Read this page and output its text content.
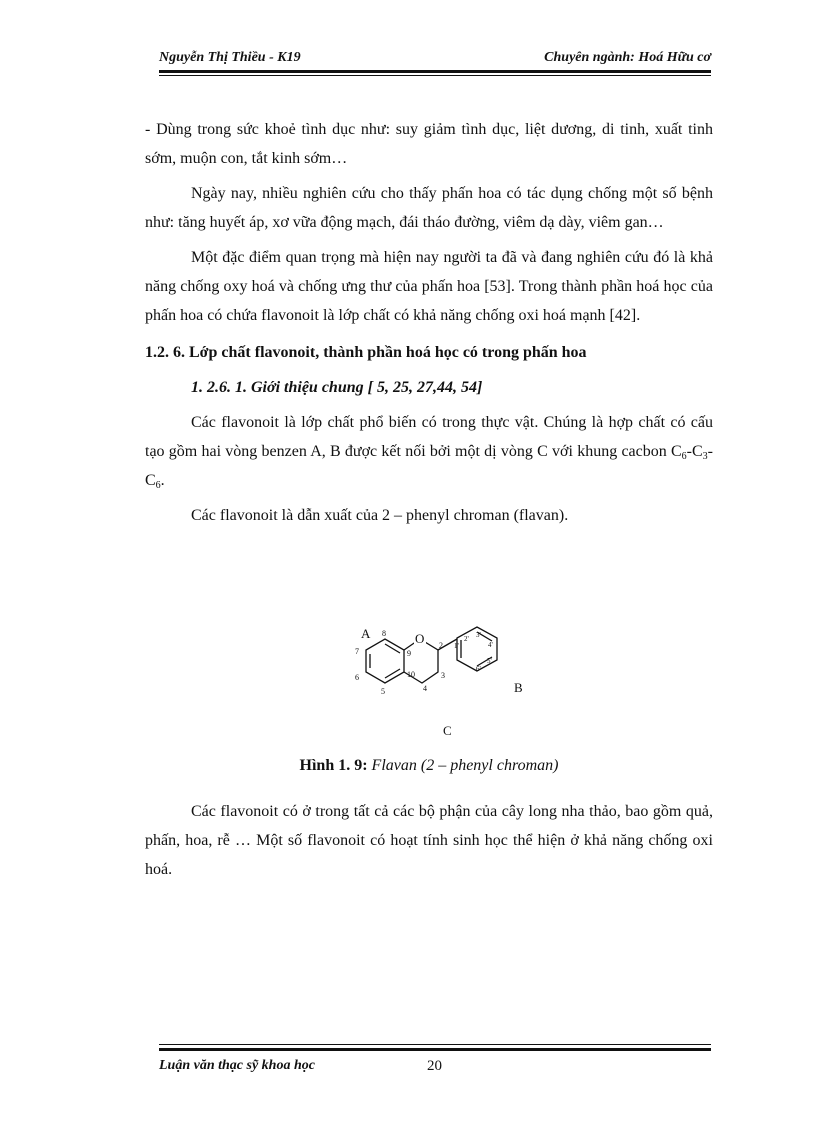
Nguyễn Thị Thiều - K19	Chuyên ngành: Hoá Hữu cơ

- Dùng trong sức khoẻ tình dục như: suy giảm tình dục, liệt dương, di tinh, xuất tinh sớm, muộn con, tắt kinh sớm…

Ngày nay, nhiều nghiên cứu cho thấy phấn hoa có tác dụng chống một số bệnh như: tăng huyết áp, xơ vữa động mạch, đái tháo đường, viêm dạ dày, viêm gan…

Một đặc điểm quan trọng mà hiện nay người ta đã và đang nghiên cứu đó là khả năng chống oxy hoá và chống ưng thư của phấn hoa [53]. Trong thành phần hoá học của phấn hoa có chứa flavonoit là lớp chất có khả năng chống oxi hoá mạnh [42].

1.2. 6. Lớp chất flavonoit, thành phần hoá học có trong phấn hoa

1. 2.6. 1. Giới thiệu chung [ 5, 25, 27,44, 54]

Các flavonoit là lớp chất phổ biến có trong thực vật. Chúng là hợp chất có cấu tạo gồm hai vòng benzen A, B được kết nối bởi một dị vòng C với khung cacbon $C_6-C_3-C_6$.

Các flavonoit là dẫn xuất của 2 – phenyl chroman (flavan).

A
B
C
O
8
7
6
5
9
10
2
3
4
1'
2' 3'
4'
5'
6'
Hình 1. 9: Flavan (2 – phenyl chroman)

Các flavonoit có ở trong tất cả các bộ phận của cây long nha thảo, bao gồm quả, phấn, hoa, rễ … Một số flavonoit có hoạt tính sinh học thể hiện ở khả năng chống oxi hoá.

Luận văn thạc sỹ khoa học	20
